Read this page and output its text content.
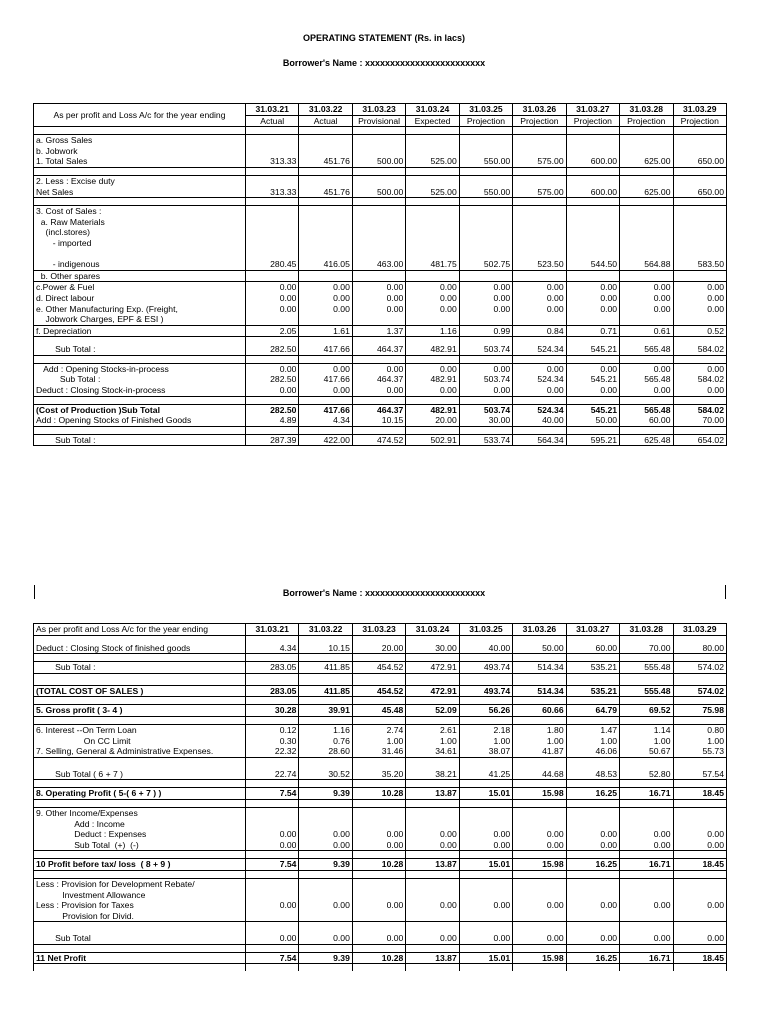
OPERATING STATEMENT (Rs. in lacs)
Borrower's Name : xxxxxxxxxxxxxxxxxxxxxxxx
As per profit and Loss A/c for the year ending	31.03.21	31.03.22	31.03.23	31.03.24	31.03.25	31.03.26	31.03.27	31.03.28	31.03.29
	Actual	Actual	Provisional	Expected	Projection	Projection	Projection	Projection	Projection

a. Gross Sales									
b. Jobwork									
1. Total Sales	313.33	451.76	500.00	525.00	550.00	575.00	600.00	625.00	650.00

2. Less : Excise duty									
Net Sales	313.33	451.76	500.00	525.00	550.00	575.00	600.00	625.00	650.00

3. Cost of Sales :									
a. Raw Materials									
(incl.stores)									
- imported									

- indigenous	280.45	416.05	463.00	481.75	502.75	523.50	544.50	564.88	583.50
b. Other spares									
c.Power & Fuel	0.00	0.00	0.00	0.00	0.00	0.00	0.00	0.00	0.00
d. Direct labour	0.00	0.00	0.00	0.00	0.00	0.00	0.00	0.00	0.00
e. Other Manufacturing Exp. (Freight,	0.00	0.00	0.00	0.00	0.00	0.00	0.00	0.00	0.00
Jobwork Charges, EPF & ESI )									
f. Depreciation	2.05	1.61	1.37	1.16	0.99	0.84	0.71	0.61	0.52

Sub Total :	282.50	417.66	464.37	482.91	503.74	524.34	545.21	565.48	584.02

Add : Opening Stocks-in-process	0.00	0.00	0.00	0.00	0.00	0.00	0.00	0.00	0.00
Sub Total :	282.50	417.66	464.37	482.91	503.74	524.34	545.21	565.48	584.02
Deduct : Closing Stock-in-process	0.00	0.00	0.00	0.00	0.00	0.00	0.00	0.00	0.00

(Cost of Production )Sub Total	282.50	417.66	464.37	482.91	503.74	524.34	545.21	565.48	584.02
Add : Opening Stocks of Finished Goods	4.89	4.34	10.15	20.00	30.00	40.00	50.00	60.00	70.00

Sub Total :	287.39	422.00	474.52	502.91	533.74	564.34	595.21	625.48	654.02
Borrower's Name : xxxxxxxxxxxxxxxxxxxxxxxx
As per profit and Loss A/c for the year ending	31.03.21	31.03.22	31.03.23	31.03.24	31.03.25	31.03.26	31.03.27	31.03.28	31.03.29

Deduct : Closing Stock of finished goods	4.34	10.15	20.00	30.00	40.00	50.00	60.00	70.00	80.00

Sub Total :	283.05	411.85	454.52	472.91	493.74	514.34	535.21	555.48	574.02

(TOTAL COST OF SALES )	283.05	411.85	454.52	472.91	493.74	514.34	535.21	555.48	574.02

5. Gross profit ( 3- 4 )	30.28	39.91	45.48	52.09	56.26	60.66	64.79	69.52	75.98

6. Interest --On Term Loan	0.12	1.16	2.74	2.61	2.18	1.80	1.47	1.14	0.80
On CC Limit	0.30	0.76	1.00	1.00	1.00	1.00	1.00	1.00	1.00
7. Selling, General & Administrative Expenses.	22.32	28.60	31.46	34.61	38.07	41.87	46.06	50.67	55.73

Sub Total ( 6 + 7 )	22.74	30.52	35.20	38.21	41.25	44.68	48.53	52.80	57.54

8. Operating Profit ( 5-( 6 + 7 ) )	7.54	9.39	10.28	13.87	15.01	15.98	16.25	16.71	18.45

9. Other Income/Expenses									
Add : Income									
Deduct : Expenses	0.00	0.00	0.00	0.00	0.00	0.00	0.00	0.00	0.00
Sub Total  (+)  (-)	0.00	0.00	0.00	0.00	0.00	0.00	0.00	0.00	0.00

10 Profit before tax/ loss  ( 8 + 9 )	7.54	9.39	10.28	13.87	15.01	15.98	16.25	16.71	18.45

Less : Provision for Development Rebate/									
Investment Allowance									
Less : Provision for Taxes	0.00	0.00	0.00	0.00	0.00	0.00	0.00	0.00	0.00
Provision for Divid.									

Sub Total	0.00	0.00	0.00	0.00	0.00	0.00	0.00	0.00	0.00

11 Net Profit	7.54	9.39	10.28	13.87	15.01	15.98	16.25	16.71	18.45
